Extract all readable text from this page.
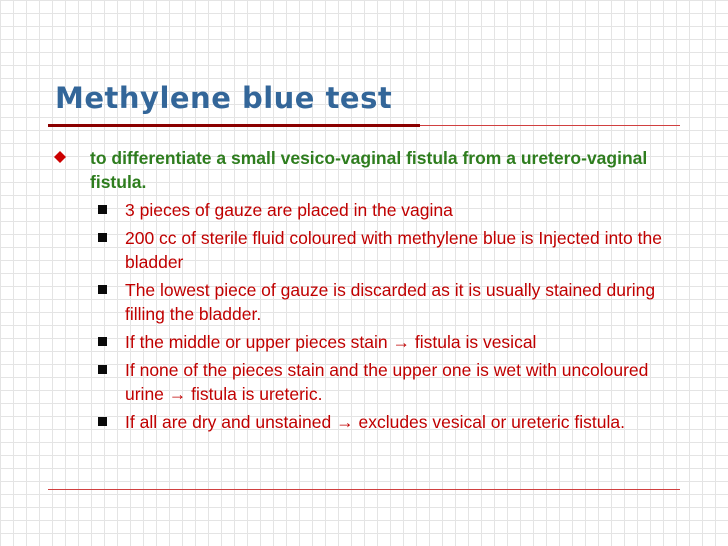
Methylene blue test
to differentiate a small vesico-vaginal fistula from a uretero-vaginal fistula.
3 pieces of gauze are placed in the vagina
200 cc of sterile fluid coloured with methylene blue is Injected into the bladder
The lowest piece of gauze is discarded as it is usually stained during filling the bladder.
If the middle or upper pieces stain → fistula is vesical
If none of the pieces stain and the upper one is wet with uncoloured urine → fistula is ureteric.
If all are dry and unstained → excludes vesical or ureteric fistula.
